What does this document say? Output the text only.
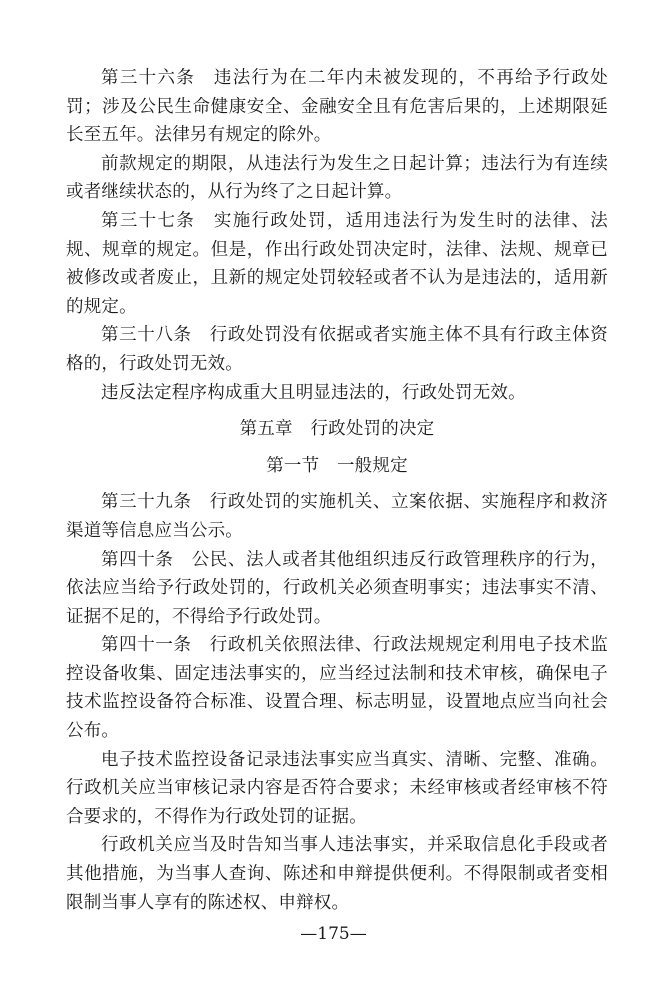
第三十六条　违法行为在二年内未被发现的，不再给予行政处罚；涉及公民生命健康安全、金融安全且有危害后果的，上述期限延长至五年。法律另有规定的除外。

前款规定的期限，从违法行为发生之日起计算；违法行为有连续或者继续状态的，从行为终了之日起计算。

第三十七条　实施行政处罚，适用违法行为发生时的法律、法规、规章的规定。但是，作出行政处罚决定时，法律、法规、规章已被修改或者废止，且新的规定处罚较轻或者不认为是违法的，适用新的规定。

第三十八条　行政处罚没有依据或者实施主体不具有行政主体资格的，行政处罚无效。

违反法定程序构成重大且明显违法的，行政处罚无效。

第五章　行政处罚的决定

第一节　一般规定

第三十九条　行政处罚的实施机关、立案依据、实施程序和救济渠道等信息应当公示。

第四十条　公民、法人或者其他组织违反行政管理秩序的行为，依法应当给予行政处罚的，行政机关必须查明事实；违法事实不清、证据不足的，不得给予行政处罚。

第四十一条　行政机关依照法律、行政法规规定利用电子技术监控设备收集、固定违法事实的，应当经过法制和技术审核，确保电子技术监控设备符合标准、设置合理、标志明显，设置地点应当向社会公布。

电子技术监控设备记录违法事实应当真实、清晰、完整、准确。行政机关应当审核记录内容是否符合要求；未经审核或者经审核不符合要求的，不得作为行政处罚的证据。

行政机关应当及时告知当事人违法事实，并采取信息化手段或者其他措施，为当事人查询、陈述和申辩提供便利。不得限制或者变相限制当事人享有的陈述权、申辩权。

—175—
